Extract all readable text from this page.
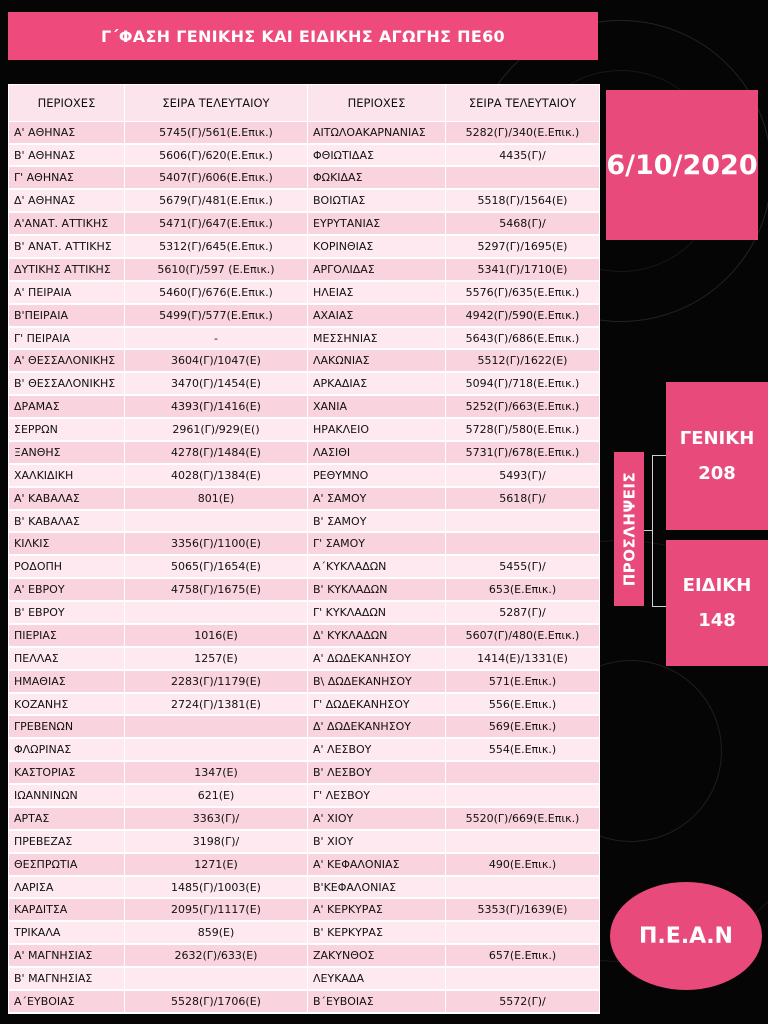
Γ΄ΦΑΣΗ ΓΕΝΙΚΗΣ ΚΑΙ ΕΙΔΙΚΗΣ ΑΓΩΓΗΣ ΠΕ60
ΠΕΡΙΟΧΕΣ	ΣΕΙΡΑ ΤΕΛΕΥΤΑΙΟΥ	ΠΕΡΙΟΧΕΣ	ΣΕΙΡΑ ΤΕΛΕΥΤΑΙΟΥ
Α' ΑΘΗΝΑΣ	5745(Γ)/561(Ε.Επικ.)	ΑΙΤΩΛΟΑΚΑΡΝΑΝΙΑΣ	5282(Γ)/340(Ε.Επικ.)
Β' ΑΘΗΝΑΣ	5606(Γ)/620(Ε.Επικ.)	ΦΘΙΩΤΙΔΑΣ	4435(Γ)/
Γ' ΑΘΗΝΑΣ	5407(Γ)/606(Ε.Επικ.)	ΦΩΚΙΔΑΣ	
Δ' ΑΘΗΝΑΣ	5679(Γ)/481(Ε.Επικ.)	ΒΟΙΩΤΙΑΣ	5518(Γ)/1564(Ε)
Α'ΑΝΑΤ. ΑΤΤΙΚΗΣ	5471(Γ)/647(Ε.Επικ.)	ΕΥΡΥΤΑΝΙΑΣ	5468(Γ)/
Β' ΑΝΑΤ. ΑΤΤΙΚΗΣ	5312(Γ)/645(Ε.Επικ.)	ΚΟΡΙΝΘΙΑΣ	5297(Γ)/1695(Ε)
ΔΥΤΙΚΗΣ ΑΤΤΙΚΗΣ	5610(Γ)/597 (Ε.Επικ.)	ΑΡΓΟΛΙΔΑΣ	5341(Γ)/1710(Ε)
Α' ΠΕΙΡΑΙΑ	5460(Γ)/676(Ε.Επικ.)	ΗΛΕΙΑΣ	5576(Γ)/635(Ε.Επικ.)
Β'ΠΕΙΡΑΙΑ	5499(Γ)/577(Ε.Επικ.)	ΑΧΑΙΑΣ	4942(Γ)/590(Ε.Επικ.)
Γ' ΠΕΙΡΑΙΑ	-	ΜΕΣΣΗΝΙΑΣ	5643(Γ)/686(Ε.Επικ.)
Α' ΘΕΣΣΑΛΟΝΙΚΗΣ	3604(Γ)/1047(Ε)	ΛΑΚΩΝΙΑΣ	5512(Γ)/1622(Ε)
Β' ΘΕΣΣΑΛΟΝΙΚΗΣ	3470(Γ)/1454(Ε)	ΑΡΚΑΔΙΑΣ	5094(Γ)/718(Ε.Επικ.)
ΔΡΑΜΑΣ	4393(Γ)/1416(Ε)	ΧΑΝΙΑ	5252(Γ)/663(Ε.Επικ.)
ΣΕΡΡΩΝ	2961(Γ)/929(Ε()	ΗΡΑΚΛΕΙΟ	5728(Γ)/580(Ε.Επικ.)
ΞΑΝΘΗΣ	4278(Γ)/1484(Ε)	ΛΑΣΙΘΙ	5731(Γ)/678(Ε.Επικ.)
ΧΑΛΚΙΔΙΚΗ	4028(Γ)/1384(Ε)	ΡΕΘΥΜΝΟ	5493(Γ)/
Α' ΚΑΒΑΛΑΣ	801(Ε)	Α' ΣΑΜΟΥ	5618(Γ)/
Β' ΚΑΒΑΛΑΣ		Β' ΣΑΜΟΥ	
ΚΙΛΚΙΣ	3356(Γ)/1100(Ε)	Γ' ΣΑΜΟΥ	
ΡΟΔΟΠΗ	5065(Γ)/1654(Ε)	Α΄ΚΥΚΛΑΔΩΝ	5455(Γ)/
Α' ΕΒΡΟΥ	4758(Γ)/1675(Ε)	Β' ΚΥΚΛΑΔΩΝ	653(Ε.Επικ.)
Β' ΕΒΡΟΥ		Γ' ΚΥΚΛΑΔΩΝ	5287(Γ)/
ΠΙΕΡΙΑΣ	1016(Ε)	Δ' ΚΥΚΛΑΔΩΝ	5607(Γ)/480(Ε.Επικ.)
ΠΕΛΛΑΣ	1257(Ε)	Α' ΔΩΔΕΚΑΝΗΣΟΥ	1414(Ε)/1331(Ε)
ΗΜΑΘΙΑΣ	2283(Γ)/1179(Ε)	Β\ ΔΩΔΕΚΑΝΗΣΟΥ	571(Ε.Επικ.)
ΚΟΖΑΝΗΣ	2724(Γ)/1381(Ε)	Γ' ΔΩΔΕΚΑΝΗΣΟΥ	556(Ε.Επικ.)
ΓΡΕΒΕΝΩΝ		Δ' ΔΩΔΕΚΑΝΗΣΟΥ	569(Ε.Επικ.)
ΦΛΩΡΙΝΑΣ		Α' ΛΕΣΒΟΥ	554(Ε.Επικ.)
ΚΑΣΤΟΡΙΑΣ	1347(Ε)	Β' ΛΕΣΒΟΥ	
ΙΩΑΝΝΙΝΩΝ	621(Ε)	Γ' ΛΕΣΒΟΥ	
ΑΡΤΑΣ	3363(Γ)/	Α' ΧΙΟΥ	5520(Γ)/669(Ε.Επικ.)
ΠΡΕΒΕΖΑΣ	3198(Γ)/	Β' ΧΙΟΥ	
ΘΕΣΠΡΩΤΙΑ	1271(Ε)	Α' ΚΕΦΑΛΟΝΙΑΣ	490(Ε.Επικ.)
ΛΑΡΙΣΑ	1485(Γ)/1003(Ε)	Β'ΚΕΦΑΛΟΝΙΑΣ	
ΚΑΡΔΙΤΣΑ	2095(Γ)/1117(Ε)	Α' ΚΕΡΚΥΡΑΣ	5353(Γ)/1639(Ε)
ΤΡΙΚΑΛΑ	859(Ε)	Β' ΚΕΡΚΥΡΑΣ	
Α' ΜΑΓΝΗΣΙΑΣ	2632(Γ)/633(Ε)	ΖΑΚΥΝΘΟΣ	657(Ε.Επικ.)
Β' ΜΑΓΝΗΣΙΑΣ		ΛΕΥΚΑΔΑ	
Α΄ΕΥΒΟΙΑΣ	5528(Γ)/1706(Ε)	Β΄ΕΥΒΟΙΑΣ	5572(Γ)/
6/10/2020
ΠΡΟΣΛΗΨΕΙΣ
ΓΕΝΙΚΗ
208
ΕΙΔΙΚΗ
148
Π.Ε.Α.Ν
